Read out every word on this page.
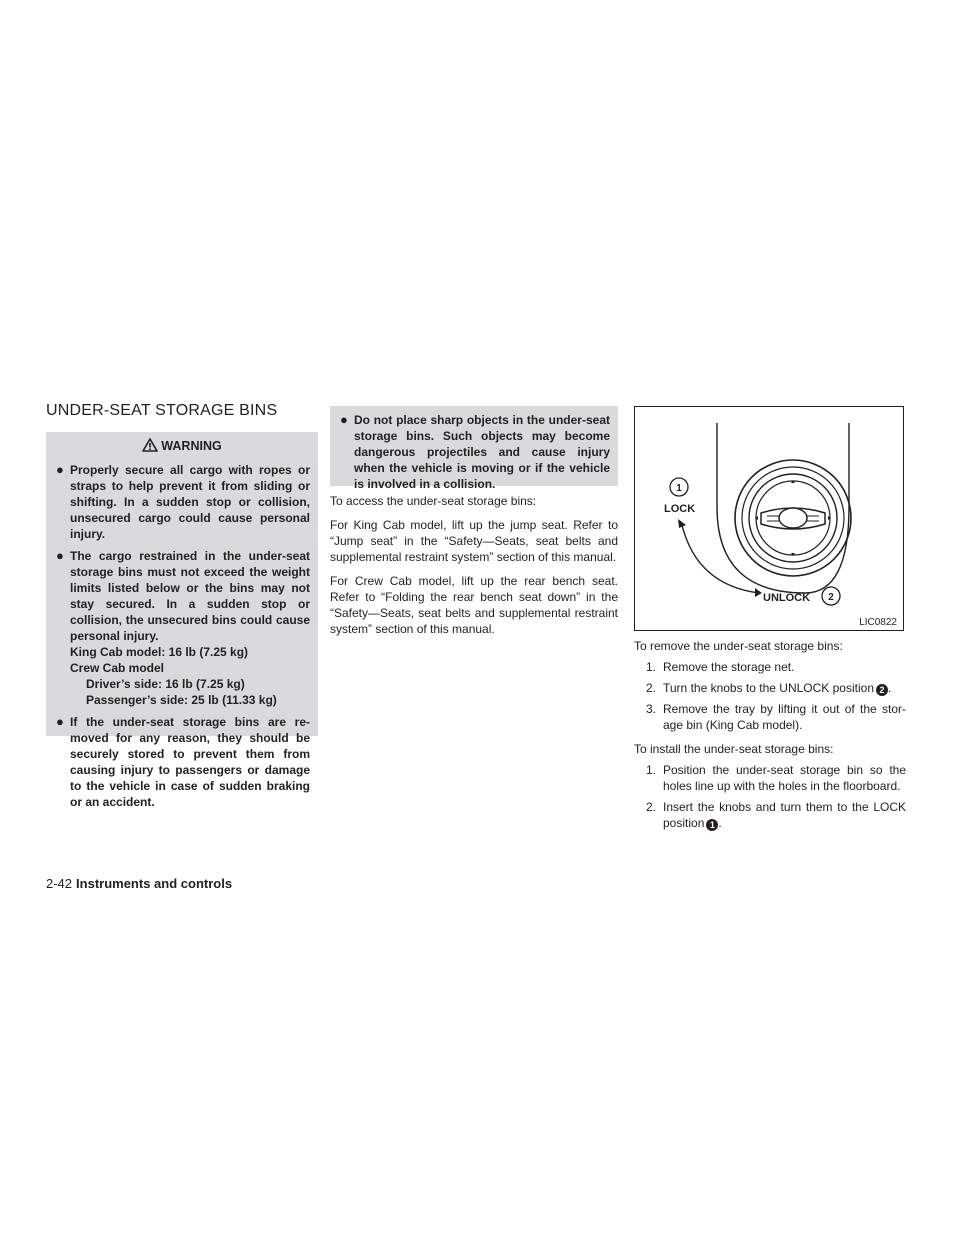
UNDER-SEAT STORAGE BINS
WARNING
● Properly secure all cargo with ropes or straps to help prevent it from sliding or shifting. In a sudden stop or collision, unsecured cargo could cause personal injury.
● The cargo restrained in the under-seat storage bins must not exceed the weight limits listed below or the bins may not stay secured. In a sudden stop or collision, the unsecured bins could cause personal injury.
King Cab model: 16 lb (7.25 kg)
Crew Cab model
Driver’s side: 16 lb (7.25 kg)
Passenger’s side: 25 lb (11.33 kg)
● If the under-seat storage bins are re-moved for any reason, they should be securely stored to prevent them from causing injury to passengers or damage to the vehicle in case of sudden braking or an accident.
● Do not place sharp objects in the under-seat storage bins. Such objects may become dangerous projectiles and cause injury when the vehicle is moving or if the vehicle is involved in a collision.

To access the under-seat storage bins:

For King Cab model, lift up the jump seat. Refer to “Jump seat” in the “Safety—Seats, seat belts and supplemental restraint system” section of this manual.

For Crew Cab model, lift up the rear bench seat. Refer to “Folding the rear bench seat down” in the “Safety—Seats, seat belts and supplemental restraint system” section of this manual.

1
LOCK
UNLOCK 2
LIC0822

To remove the under-seat storage bins:

1. Remove the storage net.
2. Turn the knobs to the UNLOCK position 2 .
3. Remove the tray by lifting it out of the stor-age bin (King Cab model).

To install the under-seat storage bins:

1. Position the under-seat storage bin so the holes line up with the holes in the floorboard.
2. Insert the knobs and turn them to the LOCK position 1 .
2-42 Instruments and controls
